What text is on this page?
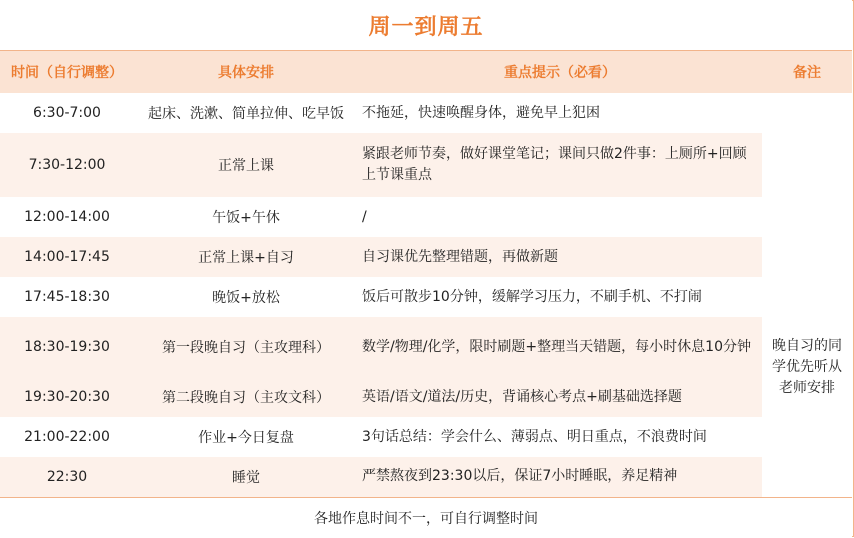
周一到周五
时间（自行调整）	具体安排	重点提示（必看）	备注
6:30-7:00	起床、洗漱、简单拉伸、吃早饭	不拖延，快速唤醒身体，避免早上犯困	
7:30-12:00	正常上课	紧跟老师节奏，做好课堂笔记；课间只做2件事：上厕所+回顾上节课重点	
12:00-14:00	午饭+午休	/	
14:00-17:45	正常上课+自习	自习课优先整理错题，再做新题	
17:45-18:30	晚饭+放松	饭后可散步10分钟，缓解学习压力，不刷手机、不打闹	
18:30-19:30	第一段晚自习（主攻理科）	数学/物理/化学，限时刷题+整理当天错题，每小时休息10分钟	晚自习的同学优先听从老师安排
19:30-20:30	第二段晚自习（主攻文科）	英语/语文/道法/历史，背诵核心考点+刷基础选择题	
21:00-22:00	作业+今日复盘	3句话总结：学会什么、薄弱点、明日重点，不浪费时间	
22:30	睡觉	严禁熬夜到23:30以后，保证7小时睡眠，养足精神	
各地作息时间不一，可自行调整时间			
